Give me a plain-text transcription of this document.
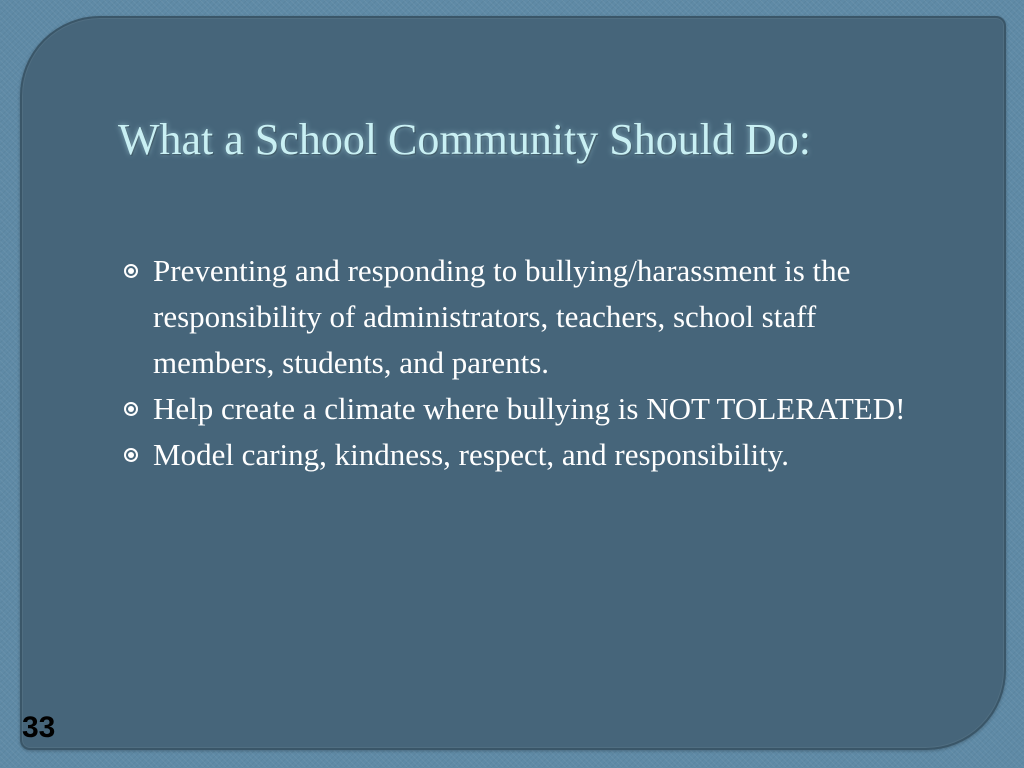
What a School Community Should Do:
Preventing and responding to bullying/harassment is the responsibility of administrators, teachers, school staff members, students, and parents.
Help create a climate where bullying is NOT TOLERATED!
Model caring, kindness, respect, and responsibility.
33
